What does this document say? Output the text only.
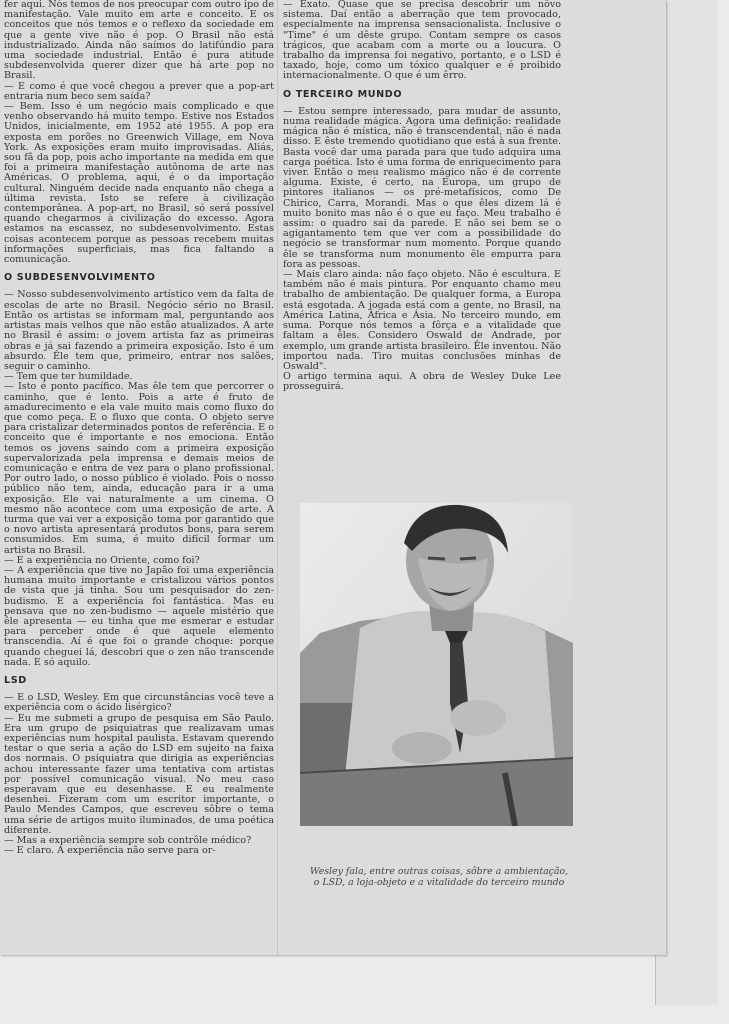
fer aqui. Nós temos de nos preocupar com outro ipo de manifestação. Vale muito em arte e conceito. E os conceitos que nós temos e o reflexo da sociedade em que a gente vive não é pop. O Brasil não está industrializado. Ainda não saímos do latifúndio para uma sociedade industrial. Então é pura atitude subdesenvolvida querer dizer que há arte pop no Brasil.

— E como é que você chegou a prever que a pop-art entraria num beco sem saída?

— Bem. Isso é um negócio mais complicado e que venho observando há muito tempo. Estive nos Estados Unidos, inicialmente, em 1952 até 1955. A pop era exposta em porões no Greenwich Village, em Nova York. As exposições eram muito improvisadas. Aliás, sou fã da pop, pois acho importante na medida em que foi a primeira manifestação autônoma de arte nas Américas. O problema, aqui, é o da importação cultural. Ninguém decide nada enquanto não chega a última revista. Isto se refere à civilização contemporânea. A pop-art, no Brasil, só será possível quando chegarmos à civilização do excesso. Agora estamos na escassez, no subdesenvolvimento. Estas coisas acontecem porque as pessoas recebem muitas informações superficiais, mas fica faltando a comunicação.

O SUBDESENVOLVIMENTO

— Nosso subdesenvolvimento artístico vem da falta de escolas de arte no Brasil. Negócio sério no Brasil. Então os artistas se informam mal, perguntando aos artistas mais velhos que não estão atualizados. A arte no Brasil é assim: o jovem artista faz as primeiras obras e já sai fazendo a primeira exposição. Isto é um absurdo. Êle tem que, primeiro, entrar nos salões, seguir o caminho.

— Tem que ter humildade.

— Isto é ponto pacífico. Mas êle tem que percorrer o caminho, que é lento. Pois a arte é fruto de amadurecimento e ela vale muito mais como fluxo do que como peça. E o fluxo que conta. O objeto serve para cristalizar determinados pontos de referência. E o conceito que é importante e nos emociona. Então temos os jovens saindo com a primeira exposição supervalorizada pela imprensa e demais meios de comunicação e entra de vez para o plano profissional. Por outro lado, o nosso público é violado. Pois o nosso público não tem, ainda, educação para ir a uma exposição. Ele vai naturalmente a um cinema. O mesmo não acontece com uma exposição de arte. A turma que vai ver a exposição toma por garantido que o novo artista apresentará produtos bons, para serem consumidos. Em suma, é muito difícil formar um artista no Brasil.

— E a experiência no Oriente, como foi?

— A experiência que tive no Japão foi uma experiência humana muito importante e cristalizou vários pontos de vista que já tinha. Sou um pesquisador do zen-budismo. E a experiência foi fantástica. Mas eu pensava que no zen-budismo — aquele mistério que êle apresenta — eu tinha que me esmerar e estudar para perceber onde é que aquele elemento transcendia. Aí é que foi o grande choque: porque quando cheguei lá, descobri que o zen não transcende nada. E só aquilo.

LSD

— E o LSD, Wesley. Em que circunstâncias você teve a experiência com o ácido lisérgico?

— Eu me submeti a grupo de pesquisa em São Paulo. Era um grupo de psiquiatras que realizavam umas experiências num hospital paulista. Estavam querendo testar o que seria a ação do LSD em sujeito na faixa dos normais. O psiquiatra que dirigia as experiências achou interessante fazer uma tentativa com artistas por possível comunicação visual. No meu caso esperavam que eu desenhasse. E eu realmente desenhei. Fizeram com um escritor importante, o Paulo Mendes Campos, que escreveu sôbre o tema uma série de artigos muito iluminados, de uma poética diferente.

— Mas a experiência sempre sob contrôle médico?

— E claro. A experiência não serve para or-

— Exato. Quase que se precisa descobrir um nôvo sistema. Daí então a aberração que tem provocado, especialmente na imprensa sensacionalista. Inclusive o "Time" é um dêste grupo. Contam sempre os casos trágicos, que acabam com a morte ou a loucura. O trabalho da imprensa foi negativo, portanto, e o LSD é taxado, hoje, como um tóxico qualquer e é proibido internacionalmente. O que é um êrro.

O TERCEIRO MUNDO

— Estou sempre interessado, para mudar de assunto, numa realidade mágica. Agora uma definição: realidade mágica não é mística, não é transcendental, não é nada disso. E êste tremendo quotidiano que está à sua frente. Basta você dar uma parada para que tudo adquira uma carga poética. Isto é uma forma de enriquecimento para viver. Então o meu realismo mágico não é de corrente alguma. Existe, é certo, na Europa, um grupo de pintores italianos — os pré-metafísicos, como De Chirico, Carra, Morandi. Mas o que êles dizem lá é muito bonito mas não é o que eu faço. Meu trabalho é assim: o quadro sai da parede. E não sei bem se o agigantamento tem que ver com a possibilidade do negócio se transformar num momento. Porque quando êle se transforma num monumento êle empurra para fora as pessoas.

— Mais claro ainda: não faço objeto. Não é escultura. E também não é mais pintura. Por enquanto chamo meu trabalho de ambientação. De qualquer forma, a Europa está esgotada. A jogada está com a gente, no Brasil, na América Latina, África e Ásia. No terceiro mundo, em suma. Porque nós temos a fôrça e a vitalidade que faltam a êles. Considero Oswald de Andrade, por exemplo, um grande artista brasileiro. Êle inventou. Não importou nada. Tiro muitas conclusões minhas de Oswald".

O artigo termina aqui. A obra de Wesley Duke Lee prosseguirá.

Wesley fala, entre outras coisas, sôbre a ambientação, o LSD, a loja-objeto e a vitalidade do terceiro mundo
